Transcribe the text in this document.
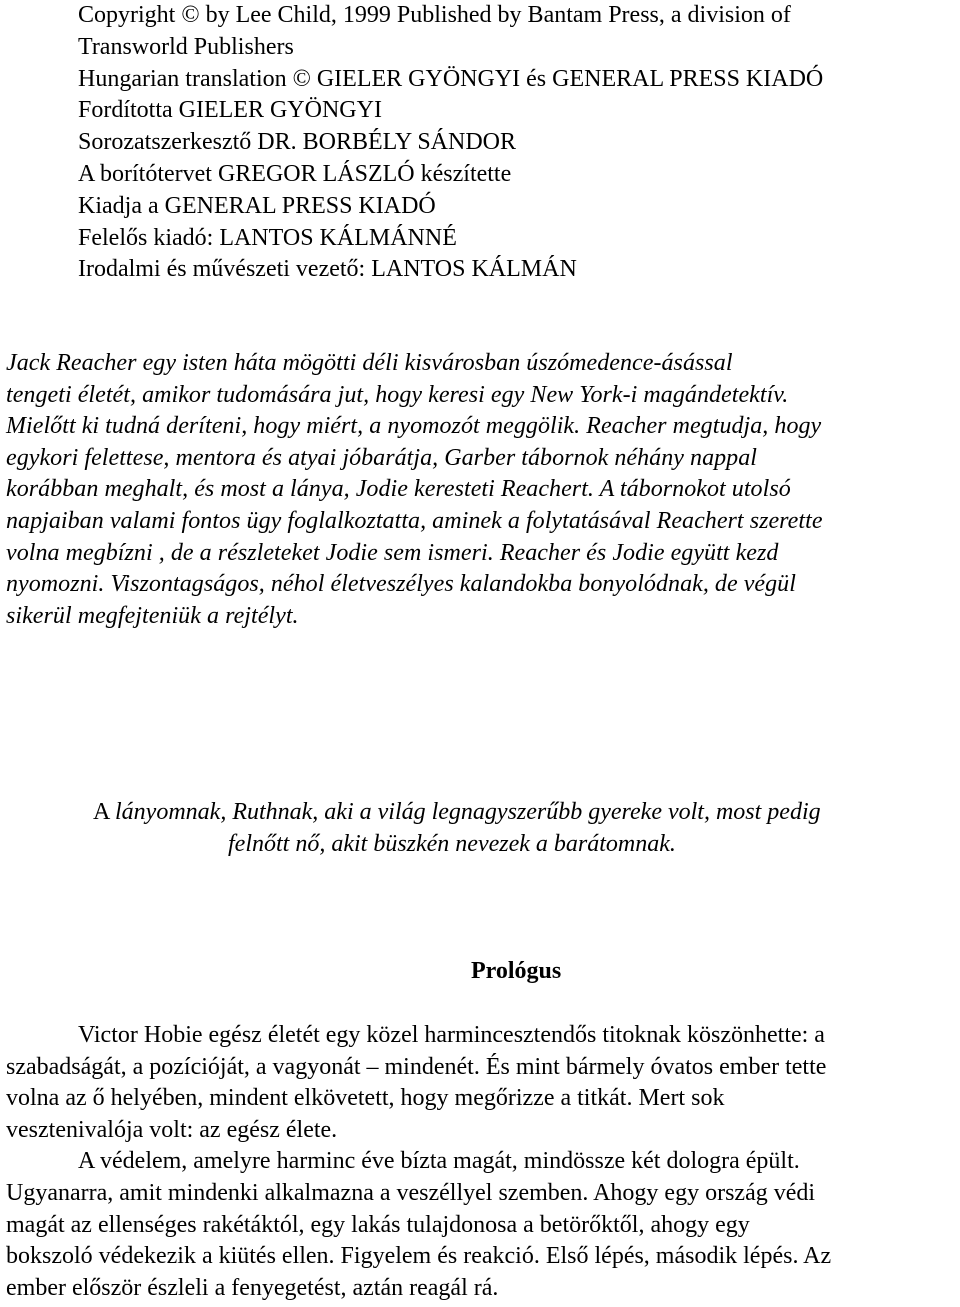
Copyright © by Lee Child, 1999 Published by Bantam Press, a division of

Transworld Publishers

Hungarian translation © GIELER GYÖNGYI és GENERAL PRESS KIADÓ

Fordította GIELER GYÖNGYI

Sorozatszerkesztő DR. BORBÉLY SÁNDOR

A borítótervet GREGOR LÁSZLÓ készítette

Kiadja a GENERAL PRESS KIADÓ

Felelős kiadó: LANTOS KÁLMÁNNÉ

Irodalmi és művészeti vezető: LANTOS KÁLMÁN

Jack Reacher egy isten háta mögötti déli kisvárosban úszómedence-ásással
tengeti életét, amikor tudomására jut, hogy keresi egy New York-i magándetektív.
Mielőtt ki tudná deríteni, hogy miért, a nyomozót meggölik. Reacher megtudja, hogy
egykori felettese, mentora és atyai jóbarátja, Garber tábornok néhány nappal
korábban meghalt, és most a lánya, Jodie keresteti Reachert. A tábornokot utolsó
napjaiban valami fontos ügy foglalkoztatta, aminek a folytatásával Reachert szerette
volna megbízni , de a részleteket Jodie sem ismeri. Reacher és Jodie együtt kezd
nyomozni. Viszontagságos, néhol életveszélyes kalandokba bonyolódnak, de végül
sikerül megfejteniük a rejtélyt.
A lányomnak, Ruthnak, aki a világ legnagyszerűbb gyereke volt, most pedig
felnőtt nő, akit büszkén nevezek a barátomnak.
Prológus
Victor Hobie egész életét egy közel harmincesztendős titoknak köszönhette: a
szabadságát, a pozícióját, a vagyonát – mindenét. És mint bármely óvatos ember tette
volna az ő helyében, mindent elkövetett, hogy megőrizze a titkát. Mert sok
vesztenivalója volt: az egész élete.
A védelem, amelyre harminc éve bízta magát, mindössze két dologra épült.
Ugyanarra, amit mindenki alkalmazna a veszéllyel szemben. Ahogy egy ország védi
magát az ellenséges rakétáktól, egy lakás tulajdonosa a betörőktől, ahogy egy
bokszoló védekezik a kiütés ellen. Figyelem és reakció. Első lépés, második lépés. Az
ember először észleli a fenyegetést, aztán reagál rá.
